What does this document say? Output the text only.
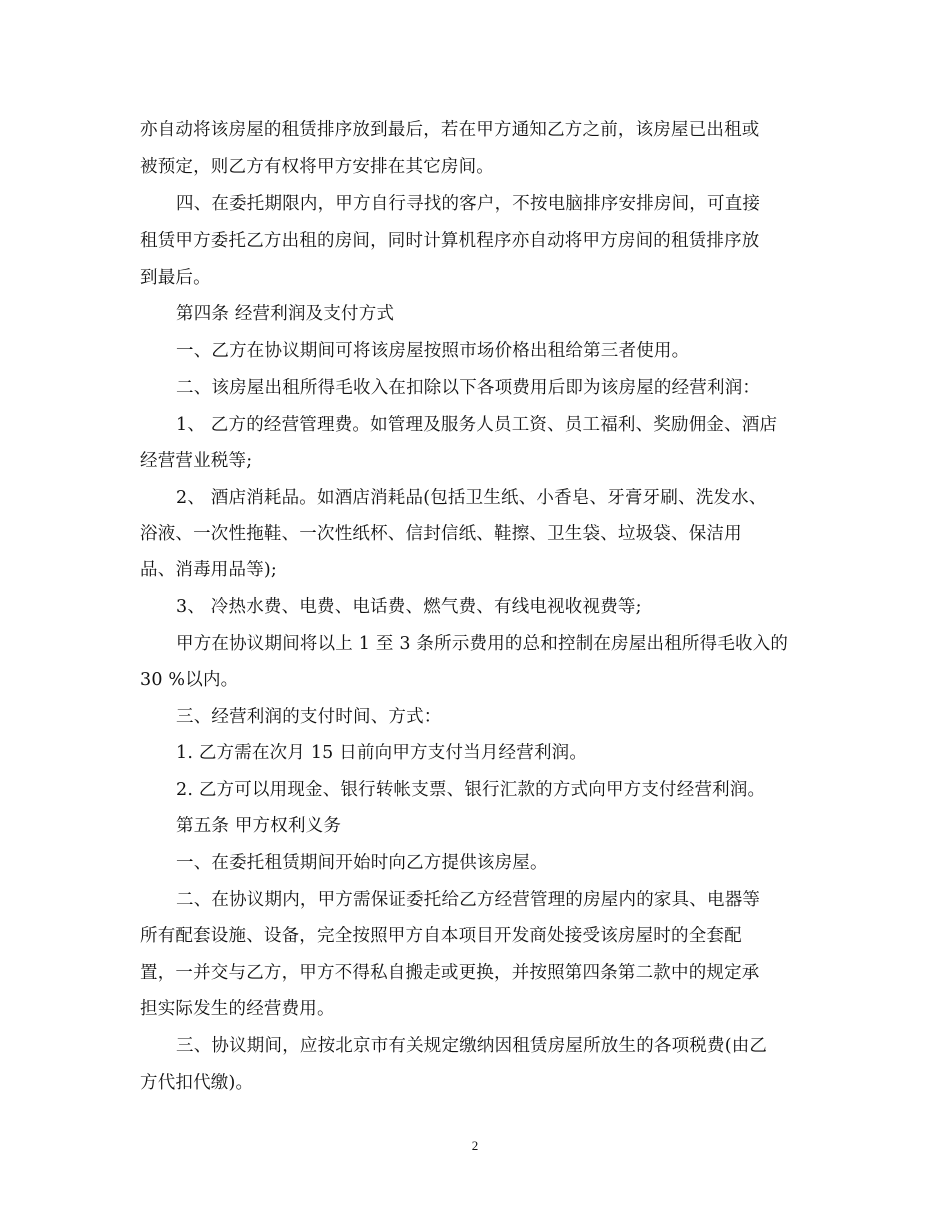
亦自动将该房屋的租赁排序放到最后，若在甲方通知乙方之前，该房屋已出租或
被预定，则乙方有权将甲方安排在其它房间。
四、在委托期限内，甲方自行寻找的客户，不按电脑排序安排房间，可直接
租赁甲方委托乙方出租的房间，同时计算机程序亦自动将甲方房间的租赁排序放
到最后。
第四条 经营利润及支付方式
一、乙方在协议期间可将该房屋按照市场价格出租给第三者使用。
二、该房屋出租所得毛收入在扣除以下各项费用后即为该房屋的经营利润：
1、 乙方的经营管理费。如管理及服务人员工资、员工福利、奖励佣金、酒店
经营营业税等;
2、 酒店消耗品。如酒店消耗品(包括卫生纸、小香皂、牙膏牙刷、洗发水、
浴液、一次性拖鞋、一次性纸杯、信封信纸、鞋擦、卫生袋、垃圾袋、保洁用
品、消毒用品等);
3、 冷热水费、电费、电话费、燃气费、有线电视收视费等;
甲方在协议期间将以上 1 至 3 条所示费用的总和控制在房屋出租所得毛收入的
30 %以内。
三、经营利润的支付时间、方式：
1. 乙方需在次月 15 日前向甲方支付当月经营利润。
2. 乙方可以用现金、银行转帐支票、银行汇款的方式向甲方支付经营利润。
第五条 甲方权利义务
一、在委托租赁期间开始时向乙方提供该房屋。
二、在协议期内，甲方需保证委托给乙方经营管理的房屋内的家具、电器等
所有配套设施、设备，完全按照甲方自本项目开发商处接受该房屋时的全套配
置，一并交与乙方，甲方不得私自搬走或更换，并按照第四条第二款中的规定承
担实际发生的经营费用。
三、协议期间，应按北京市有关规定缴纳因租赁房屋所放生的各项税费(由乙
方代扣代缴)。
2
